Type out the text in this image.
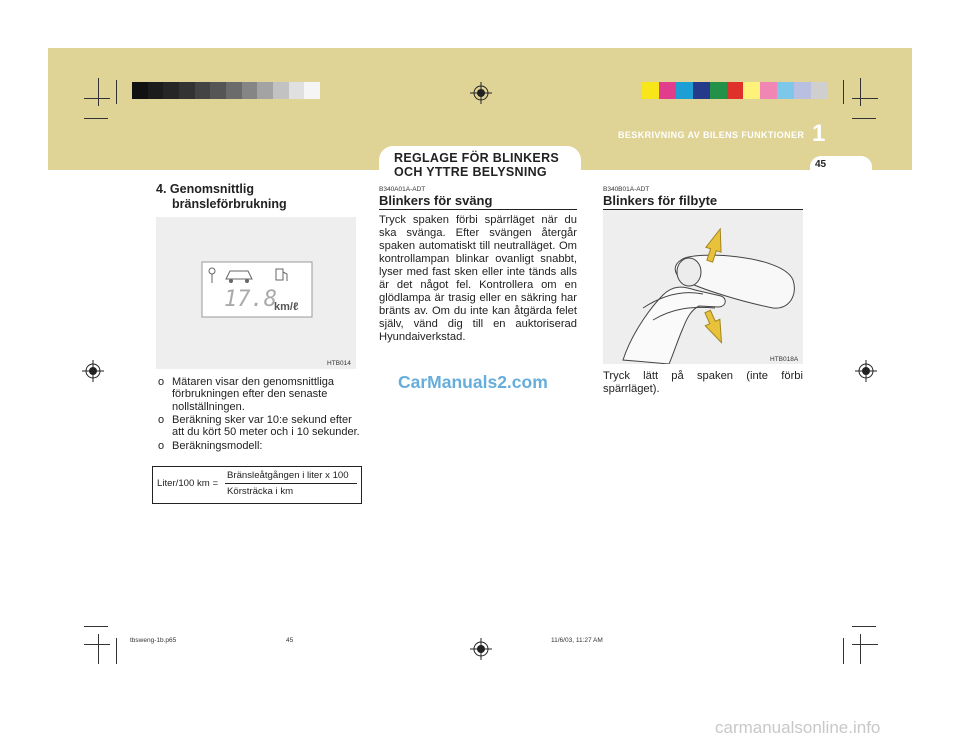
BESKRIVNING AV BILENS FUNKTIONER 1
45
REGLAGE FÖR BLINKERS OCH YTTRE BELYSNING
4. Genomsnittlig
bränsleförbrukning
17.8
km/ℓ
HTB014
o Mätaren visar den genomsnittliga förbrukningen efter den senaste nollställningen.
o Beräkning sker var 10:e sekund efter att du kört 50 meter och i 10 sekunder.
o Beräkningsmodell:
Liter/100 km =
Bränsleåtgången i liter x 100
Körsträcka i km
B340A01A-ADT
Blinkers för sväng
Tryck spaken förbi spärrläget när du ska svänga. Efter svängen återgår spaken automatiskt till neutralläget. Om kontrollampan blinkar ovanligt snabbt, lyser med fast sken eller inte tänds alls är det något fel. Kontrollera om en glödlampa är trasig eller en säkring har bränts av. Om du inte kan åtgärda felet själv, vänd dig till en auktoriserad Hyundaiverkstad.
B340B01A-ADT
Blinkers för filbyte
HTB018A
Tryck lätt på spaken (inte förbi spärrläget).
CarManuals2.com
tbsweng-1b.p65	45	11/6/03, 11:27 AM
carmanualsonline.info
